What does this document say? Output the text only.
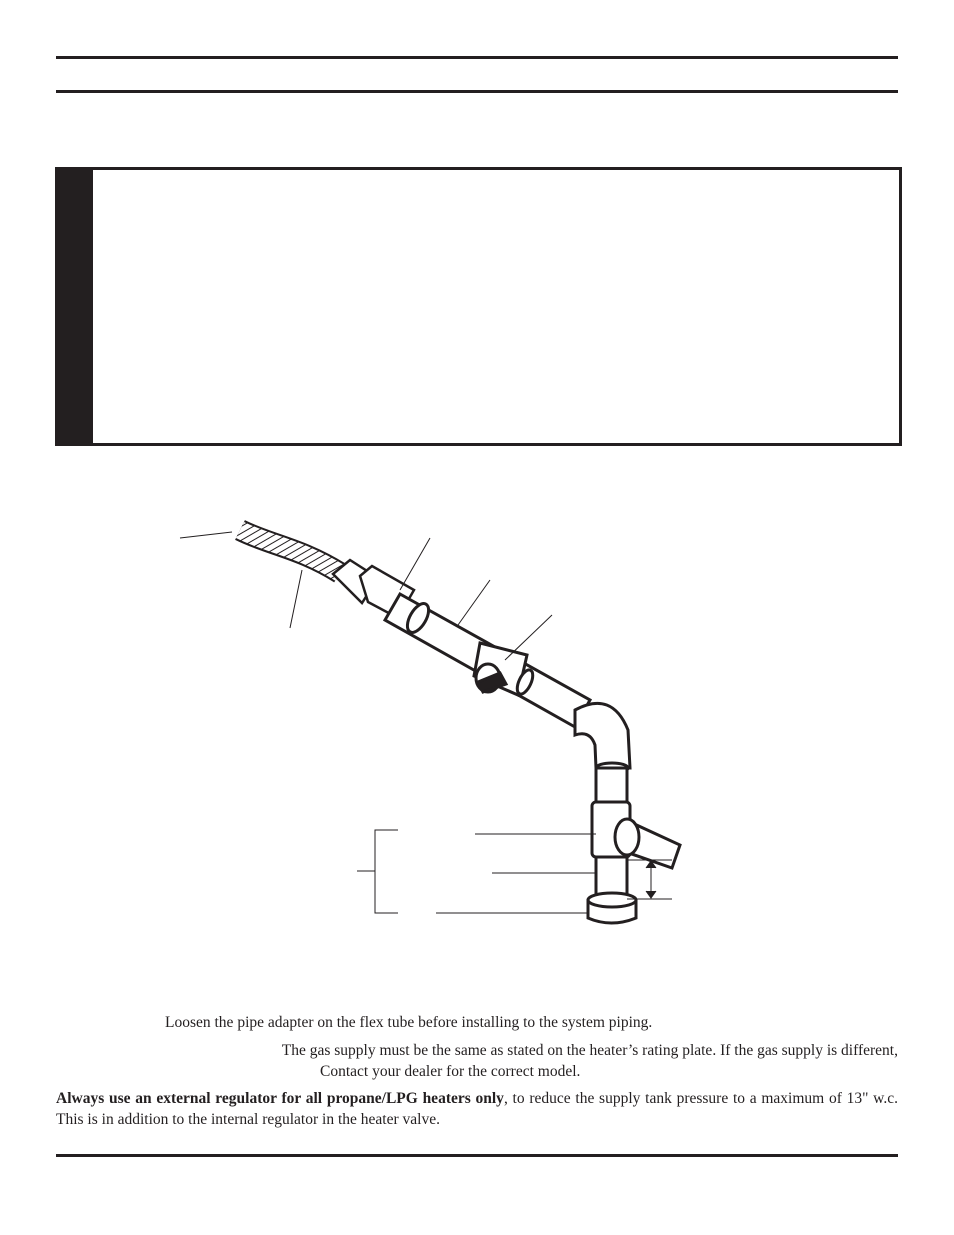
Loosen the pipe adapter on the flex tube before installing to the system piping.

The gas supply must be the same as stated on the heater’s rating plate. If the gas supply is different,

Contact your dealer for the correct model.

Always use an external regulator for all propane/LPG heaters only, to reduce the supply tank pressure to a maximum of 13" w.c. This is in addition to the internal regulator in the heater valve.
